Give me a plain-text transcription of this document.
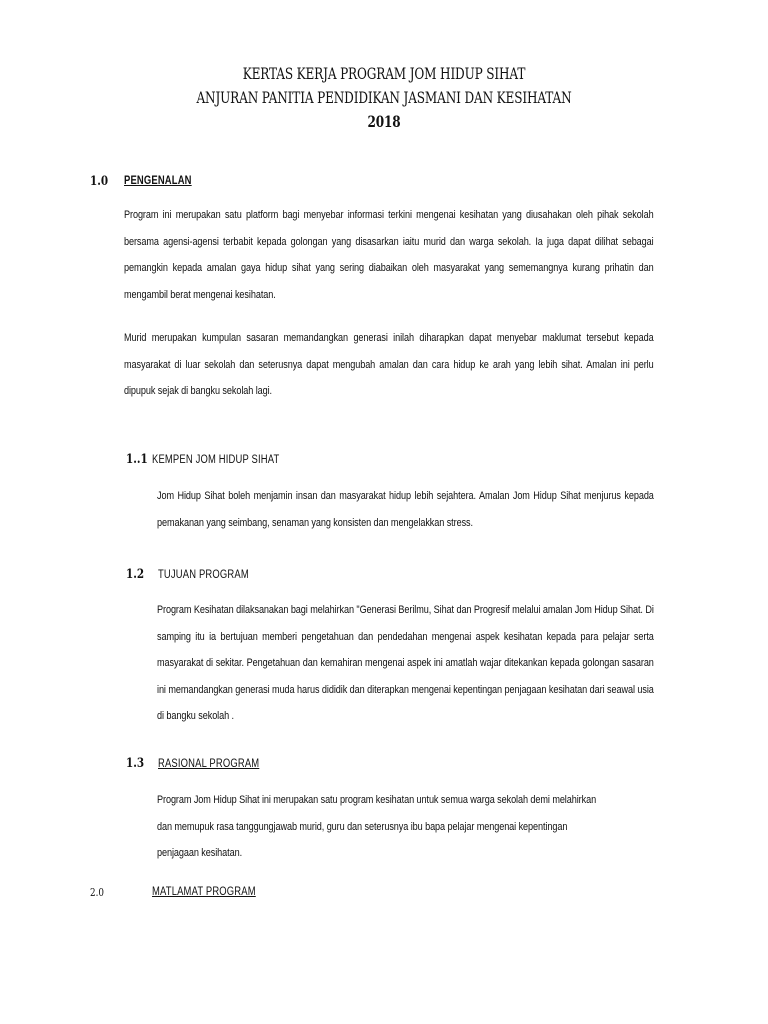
KERTAS KERJA PROGRAM JOM HIDUP SIHAT
ANJURAN PANITIA PENDIDIKAN JASMANI DAN KESIHATAN
2018
1.0 PENGENALAN
Program ini merupakan satu platform bagi menyebar informasi terkini mengenai kesihatan yang diusahakan oleh pihak sekolah bersama agensi-agensi terbabit kepada golongan yang disasarkan iaitu murid dan warga sekolah. Ia juga dapat dilihat sebagai pemangkin kepada amalan gaya hidup sihat yang sering diabaikan oleh masyarakat yang sememangnya kurang prihatin dan mengambil berat mengenai kesihatan.
Murid merupakan kumpulan sasaran memandangkan generasi inilah diharapkan dapat menyebar maklumat tersebut kepada masyarakat di luar sekolah dan seterusnya dapat mengubah amalan dan cara hidup ke arah yang lebih sihat. Amalan ini perlu dipupuk sejak di bangku sekolah lagi.
1..1 KEMPEN JOM HIDUP SIHAT
Jom Hidup Sihat boleh menjamin insan dan masyarakat hidup lebih sejahtera. Amalan Jom Hidup Sihat menjurus kepada pemakanan yang seimbang, senaman yang konsisten dan mengelakkan stress.
1.2 TUJUAN PROGRAM
Program Kesihatan dilaksanakan bagi melahirkan "Generasi Berilmu, Sihat dan Progresif melalui amalan Jom Hidup Sihat. Di samping itu ia bertujuan memberi pengetahuan dan pendedahan mengenai aspek kesihatan kepada para pelajar serta masyarakat di sekitar. Pengetahuan dan kemahiran mengenai aspek ini amatlah wajar ditekankan kepada golongan sasaran ini memandangkan generasi muda harus dididik dan diterapkan mengenai kepentingan penjagaan kesihatan dari seawal usia di bangku sekolah .
1.3 RASIONAL PROGRAM
Program Jom Hidup Sihat ini merupakan satu program kesihatan untuk semua warga sekolah demi melahirkan
dan memupuk rasa tanggungjawab murid, guru dan seterusnya ibu bapa pelajar mengenai kepentingan
penjagaan kesihatan.
2.0	MATLAMAT PROGRAM
